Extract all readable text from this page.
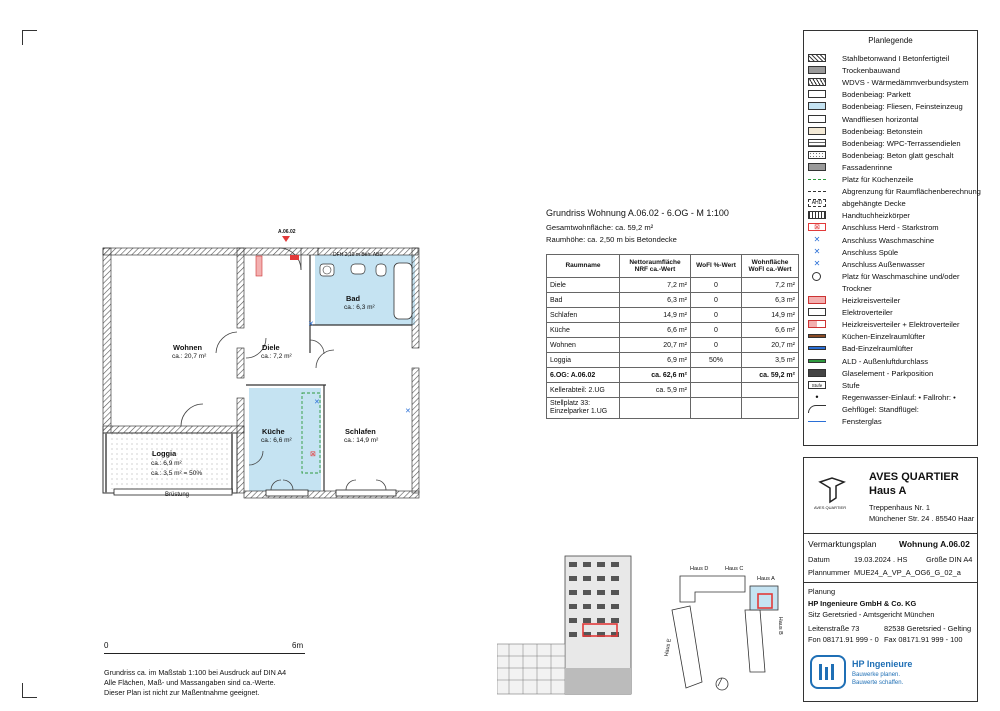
✕
⊠
✕
✕
A.06.02
DFH 2,10 m Beh. ABD
Wohnen
ca.: 20,7 m²
Diele
ca.: 7,2 m²
Bad
ca.: 6,3 m²
Küche
ca.: 6,6 m²
Schlafen
ca.: 14,9 m²
Loggia
ca.: 6,9 m²
ca.: 3,5 m² = 50%
Brüstung
Grundriss Wohnung A.06.02 - 6.OG - M 1:100
Gesamtwohnfläche: ca. 59,2 m²
Raumhöhe: ca. 2,50 m bis Betondecke
Raumname	Nettoraumfläche NRF ca.-Wert	WoFl %-Wert	Wohnfläche WoFl ca.-Wert
Diele	7,2 m²	0	7,2 m²
Bad	6,3 m²	0	6,3 m²
Schlafen	14,9 m²	0	14,9 m²
Küche	6,6 m²	0	6,6 m²
Wohnen	20,7 m²	0	20,7 m²
Loggia	6,9 m²	50%	3,5 m²
6.OG: A.06.02	ca. 62,6 m²		ca. 59,2 m²
Kellerabteil: 2.UG	ca. 5,9 m²		
Stellplatz 33: Einzelparker 1.UG			
Planlegende
Stahlbetonwand I Betonfertigteil
Trockenbauwand
WDVS - Wärmedämmverbundsystem
Bodenbeiag: Parkett
Bodenbeiag: Fliesen, Feinsteinzeug
Wandfliesen horizontal
Bodenbeiag: Betonstein
Bodenbeiag: WPC-Terrassendielen
Bodenbeiag: Beton glatt geschalt
Fassadenrinne
Platz für Küchenzeile
Abgrenzung für Raumflächenberechnung
AHD	abgehängte Decke
Handtuchheizkörper
⊠	Anschluss Herd - Starkstrom
✕	Anschluss Waschmaschine
✕	Anschluss Spüle
✕	Anschluss Außenwasser
Platz für Waschmaschine und/oder
Trockner
Heizkreisverteiler
Elektroverteiler
Heizkreisverteiler + Elektroverteiler
Küchen-Einzelraumlüfter
Bad-Einzelraumlüfter
ALD - Außenluftdurchlass
Glaselement - Parkposition
Stufe	Stufe
•	Regenwasser-Einlauf: • Fallrohr: •
Gehflügel: Standflügel:
Fensterglas
AVES QUARTIER
AVES QUARTIER
Haus A
Treppenhaus Nr. 1
Münchener Str. 24 . 85540 Haar
Vermarktungsplan	Wohnung A.06.02
Datum	19.03.2024 . HS	Größe DIN A4
Plannummer MUE24_A_VP_A_OG6_G_02_a
Planung
HP Ingenieure GmbH & Co. KG
Sitz Geretsried - Amtsgericht München
Leitenstraße 73	82538 Geretsried - Gelting
Fon 08171.91 999 - 0 Fax 08171.91 999 - 100
HP Ingenieure
Bauwerke planen.
Bauwerte schaffen.
0	6m
Grundriss ca. im Maßstab 1:100 bei Ausdruck auf DIN A4
Alle Flächen, Maß- und Massangaben sind ca.-Werte.
Dieser Plan ist nicht zur Maßentnahme geeignet.
Haus A
Haus B
Haus C
Haus D
Haus E
